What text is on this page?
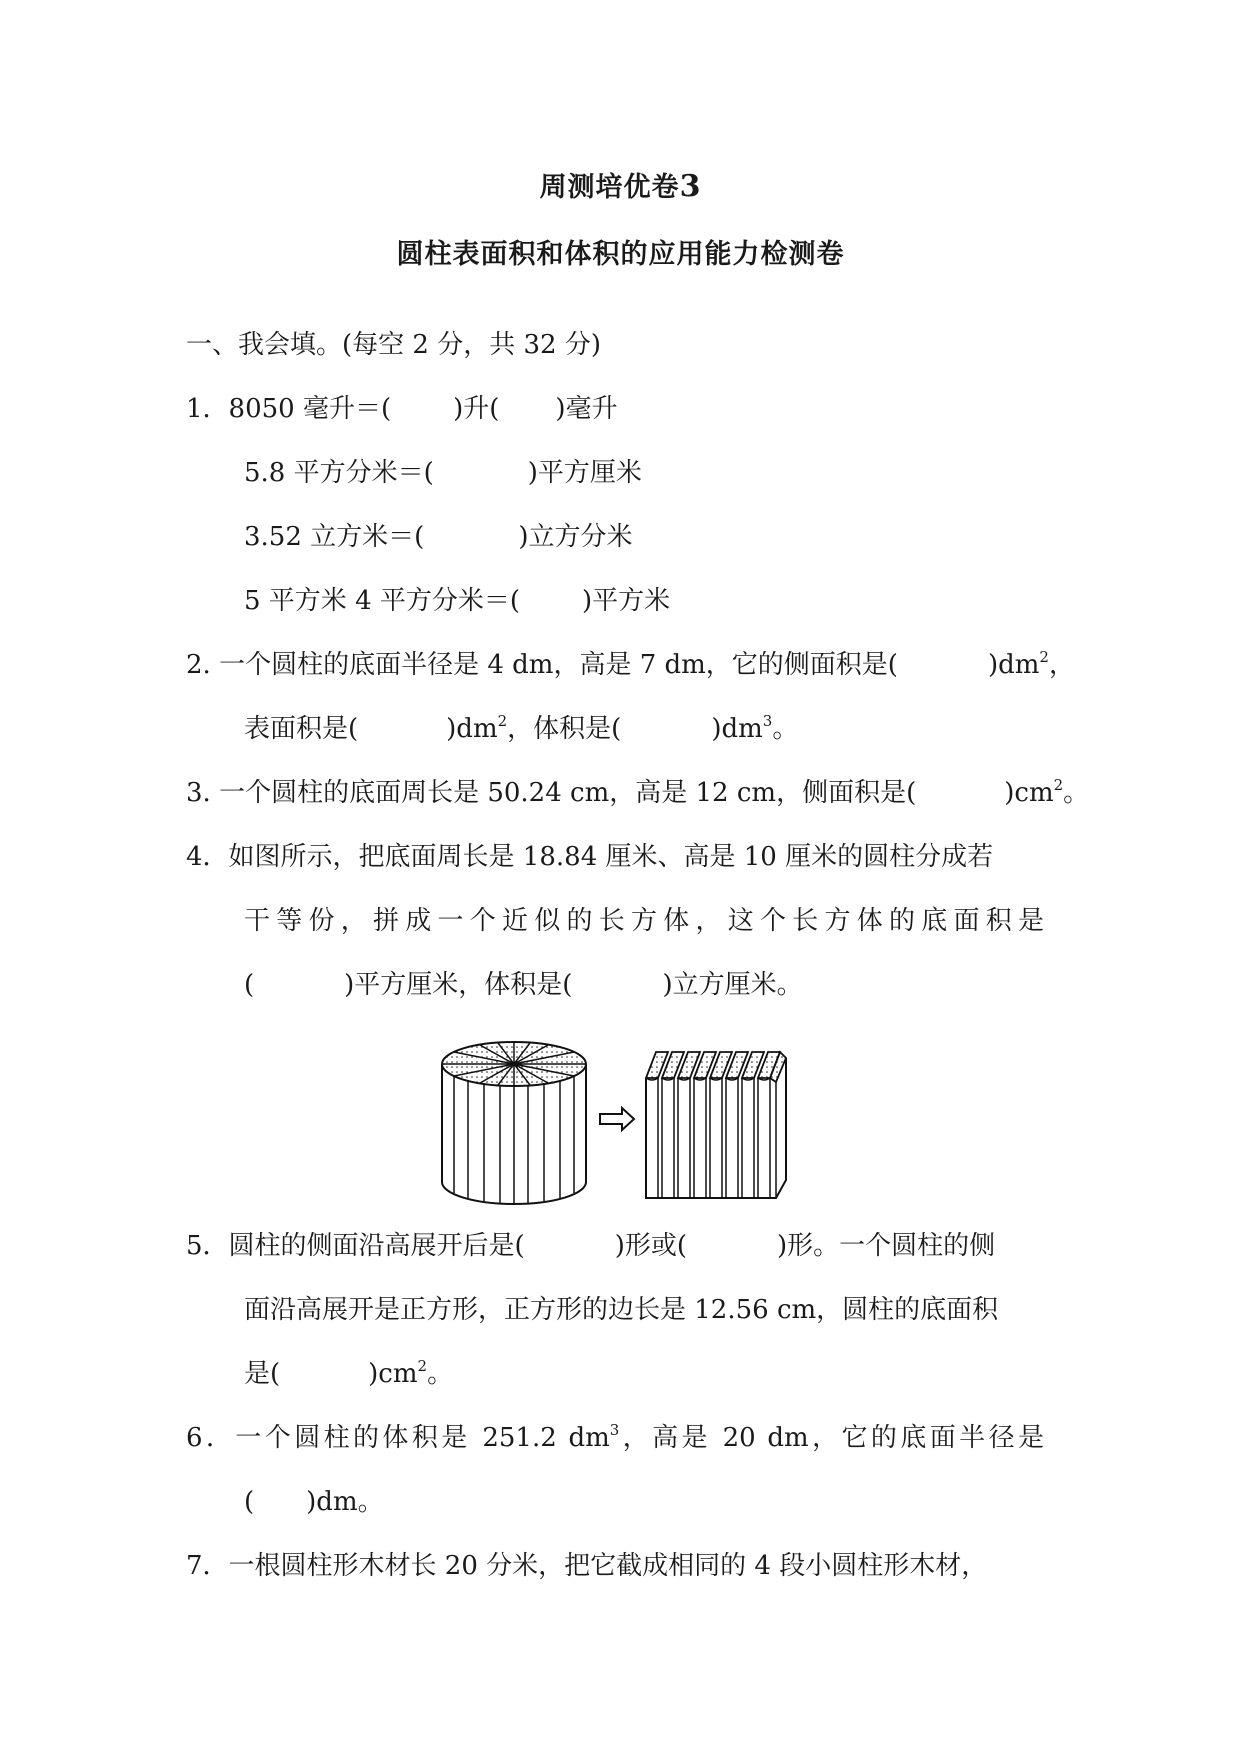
周测培优卷3
圆柱表面积和体积的应用能力检测卷
一、我会填。(每空 2 分，共 32 分)
1．8050 毫升＝( )升( )毫升
5.8 平方分米＝(	)平方厘米
3.52 立方米＝(	)立方分米
5 平方米 4 平方分米＝( )平方米
2. 一个圆柱的底面半径是 4 dm，高是 7 dm，它的侧面积是(	)$dm^2$，
表面积是(	)$dm^2$，体积是(	)$dm^3$。
3. 一个圆柱的底面周长是 50.24 cm，高是 12 cm，侧面积是(	)$cm^2$。
4．如图所示，把底面周长是 18.84 厘米、高是 10 厘米的圆柱分成若
干等份，拼成一个近似的长方体，这个长方体的底面积是
(	)平方厘米，体积是(	)立方厘米。
5．圆柱的侧面沿高展开后是(	)形或(	)形。一个圆柱的侧
面沿高展开是正方形，正方形的边长是 12.56 cm，圆柱的底面积
是(	)$cm^2$。
6．一个圆柱的体积是 251.2 $dm^3$，高是 20 dm，它的底面半径是
( )dm。
7．一根圆柱形木材长 20 分米，把它截成相同的 4 段小圆柱形木材，
